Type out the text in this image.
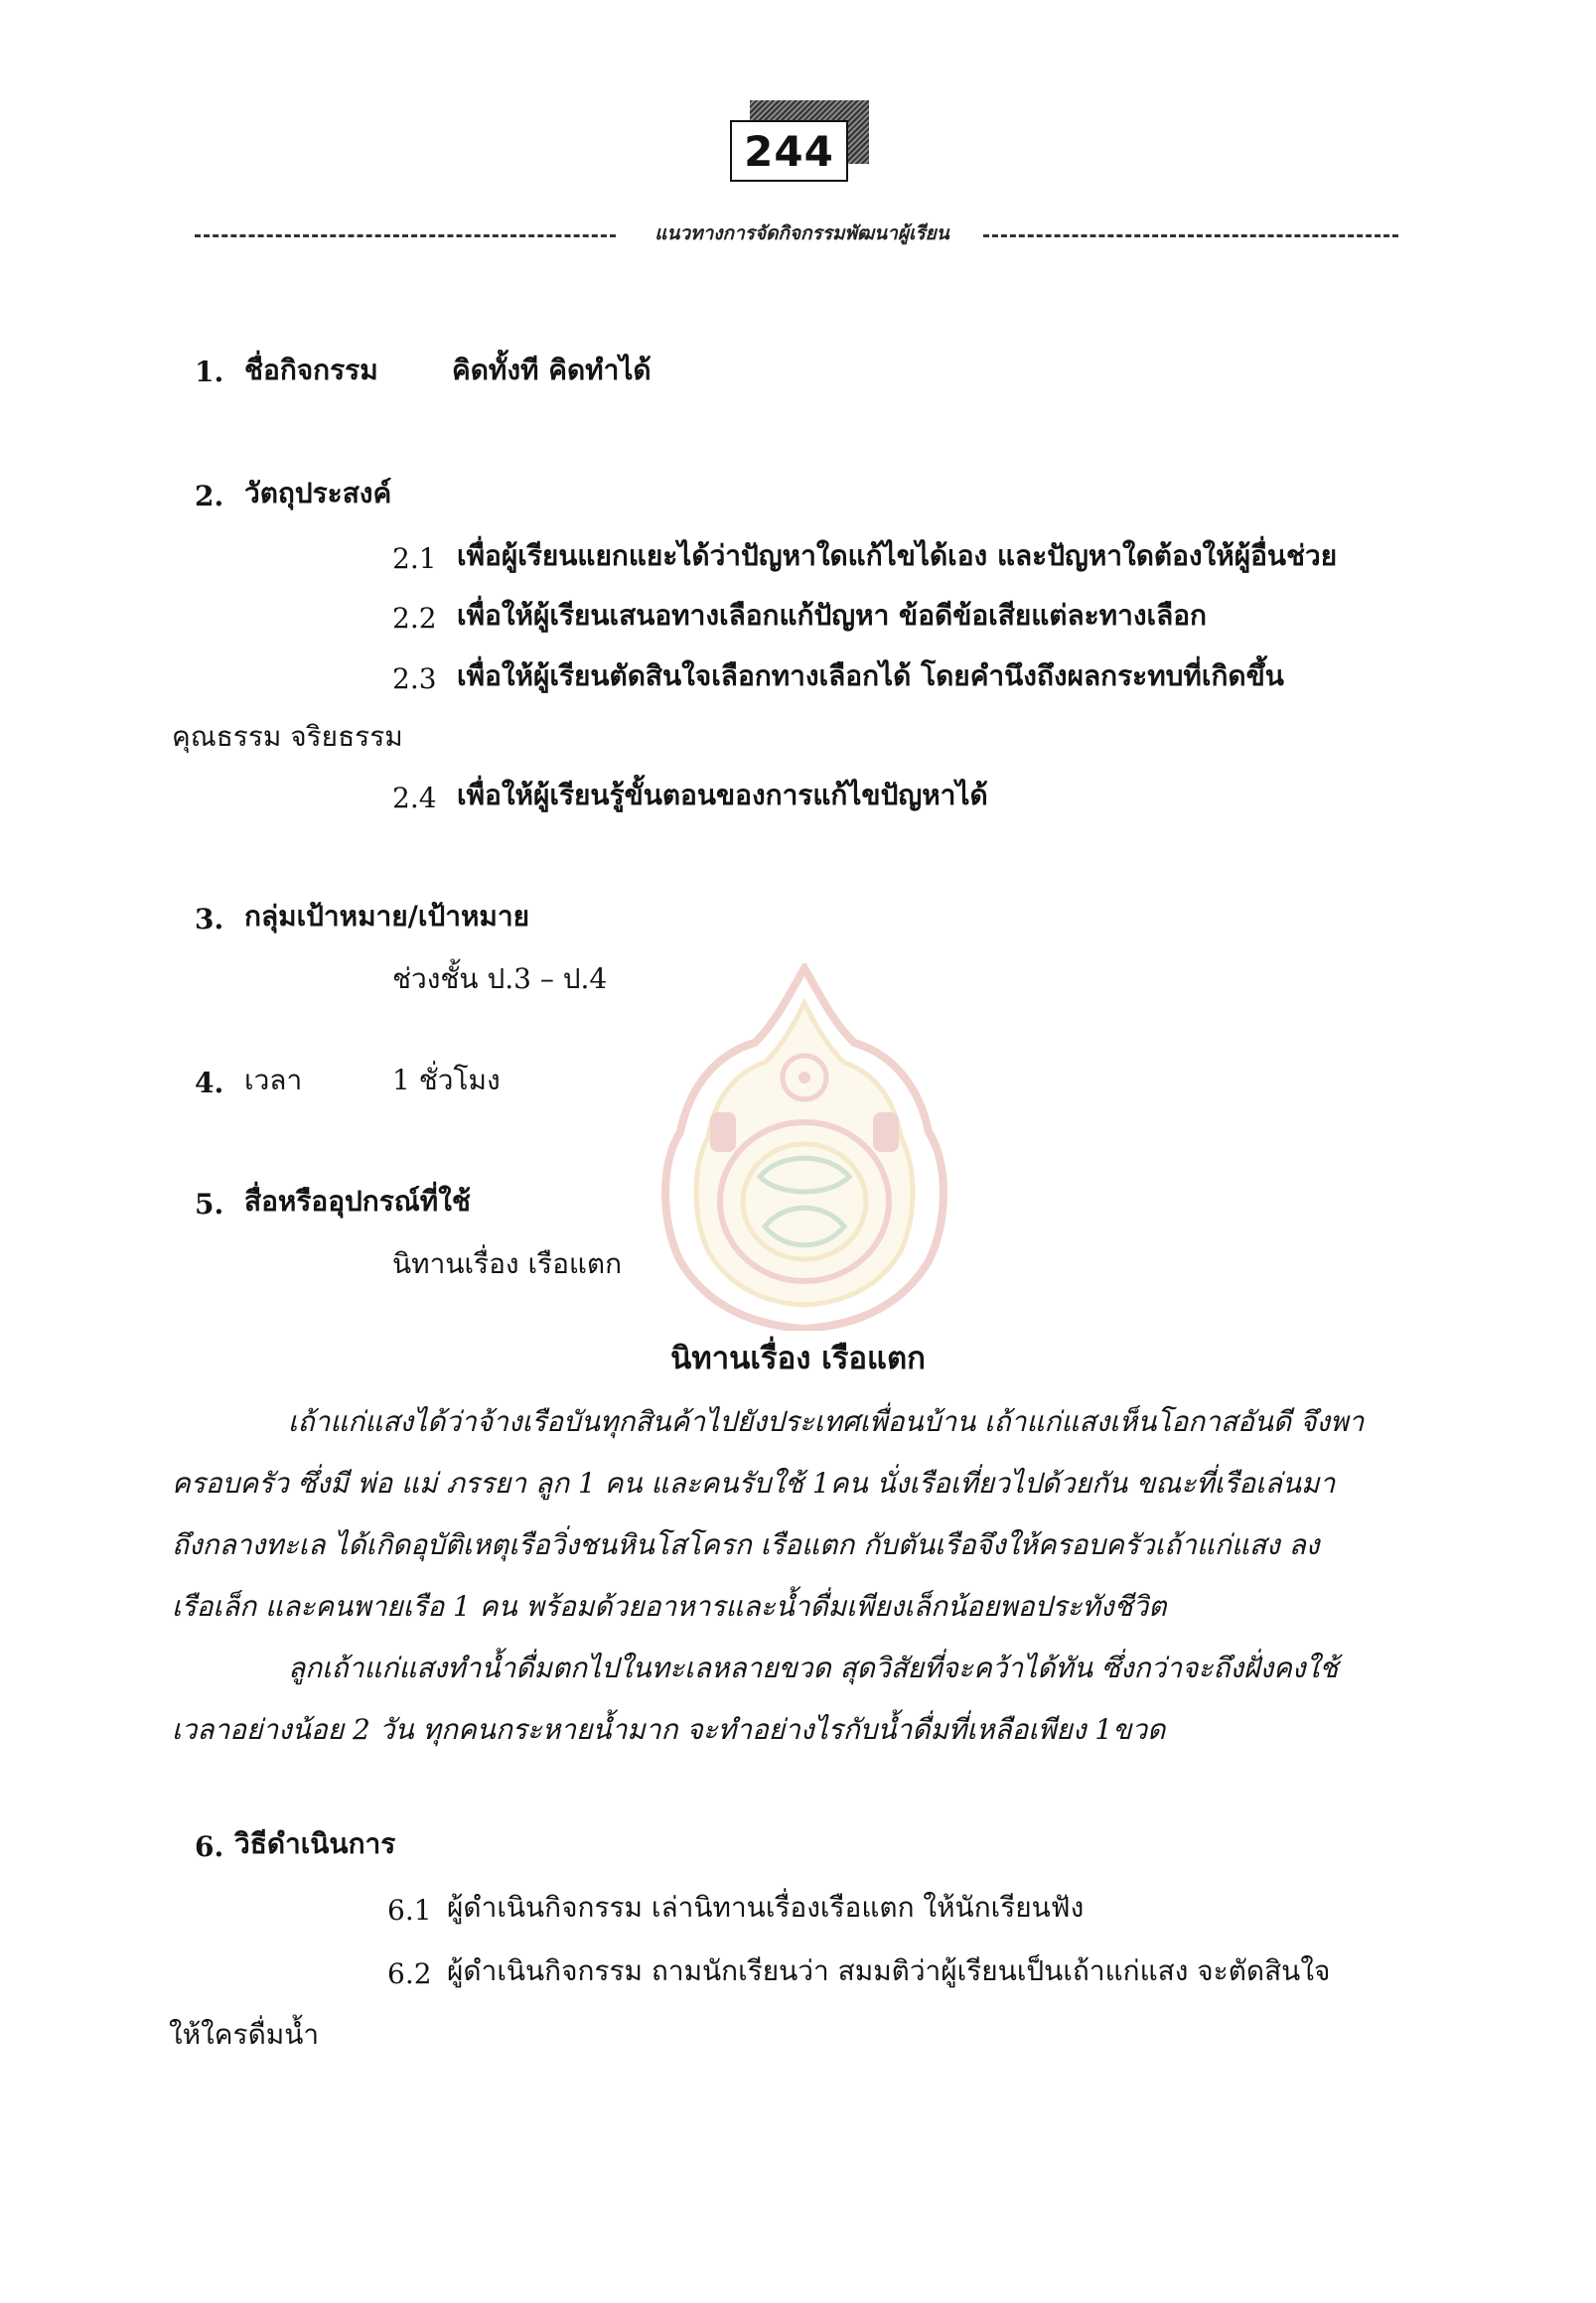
244
แนวทางการจัดกิจกรรมพัฒนาผู้เรียน
1. ชื่อกิจกรรม	คิดทั้งที คิดทำได้
2. วัตถุประสงค์
2.1 เพื่อผู้เรียนแยกแยะได้ว่าปัญหาใดแก้ไขได้เอง และปัญหาใดต้องให้ผู้อื่นช่วย
2.2 เพื่อให้ผู้เรียนเสนอทางเลือกแก้ปัญหา ข้อดีข้อเสียแต่ละทางเลือก
2.3 เพื่อให้ผู้เรียนตัดสินใจเลือกทางเลือกได้ โดยคำนึงถึงผลกระทบที่เกิดขึ้น
คุณธรรม จริยธรรม
2.4 เพื่อให้ผู้เรียนรู้ขั้นตอนของการแก้ไขปัญหาได้
3. กลุ่มเป้าหมาย/เป้าหมาย
ช่วงชั้น ป.3 – ป.4
4. เวลา	1 ชั่วโมง
5. สื่อหรืออุปกรณ์ที่ใช้
นิทานเรื่อง เรือแตก
นิทานเรื่อง เรือแตก
เถ้าแก่แสงได้ว่าจ้างเรือบันทุกสินค้าไปยังประเทศเพื่อนบ้าน เถ้าแก่แสงเห็นโอกาสอันดี จึงพา
ครอบครัว ซึ่งมี พ่อ แม่ ภรรยา ลูก 1 คน และคนรับใช้ 1คน นั่งเรือเที่ยวไปด้วยกัน ขณะที่เรือเล่นมา
ถึงกลางทะเล ได้เกิดอุบัติเหตุเรือวิ่งชนหินโสโครก เรือแตก กับตันเรือจึงให้ครอบครัวเถ้าแก่แสง ลง
เรือเล็ก และคนพายเรือ 1 คน พร้อมด้วยอาหารและน้ำดื่มเพียงเล็กน้อยพอประทังชีวิต
ลูกเถ้าแก่แสงทำน้ำดื่มตกไปในทะเลหลายขวด สุดวิสัยที่จะคว้าได้ทัน ซึ่งกว่าจะถึงฝั่งคงใช้
เวลาอย่างน้อย 2 วัน ทุกคนกระหายน้ำมาก จะทำอย่างไรกับน้ำดื่มที่เหลือเพียง 1ขวด
6. วิธีดำเนินการ
6.1 ผู้ดำเนินกิจกรรม เล่านิทานเรื่องเรือแตก ให้นักเรียนฟัง
6.2 ผู้ดำเนินกิจกรรม ถามนักเรียนว่า สมมติว่าผู้เรียนเป็นเถ้าแก่แสง จะตัดสินใจ
ให้ใครดื่มน้ำ
